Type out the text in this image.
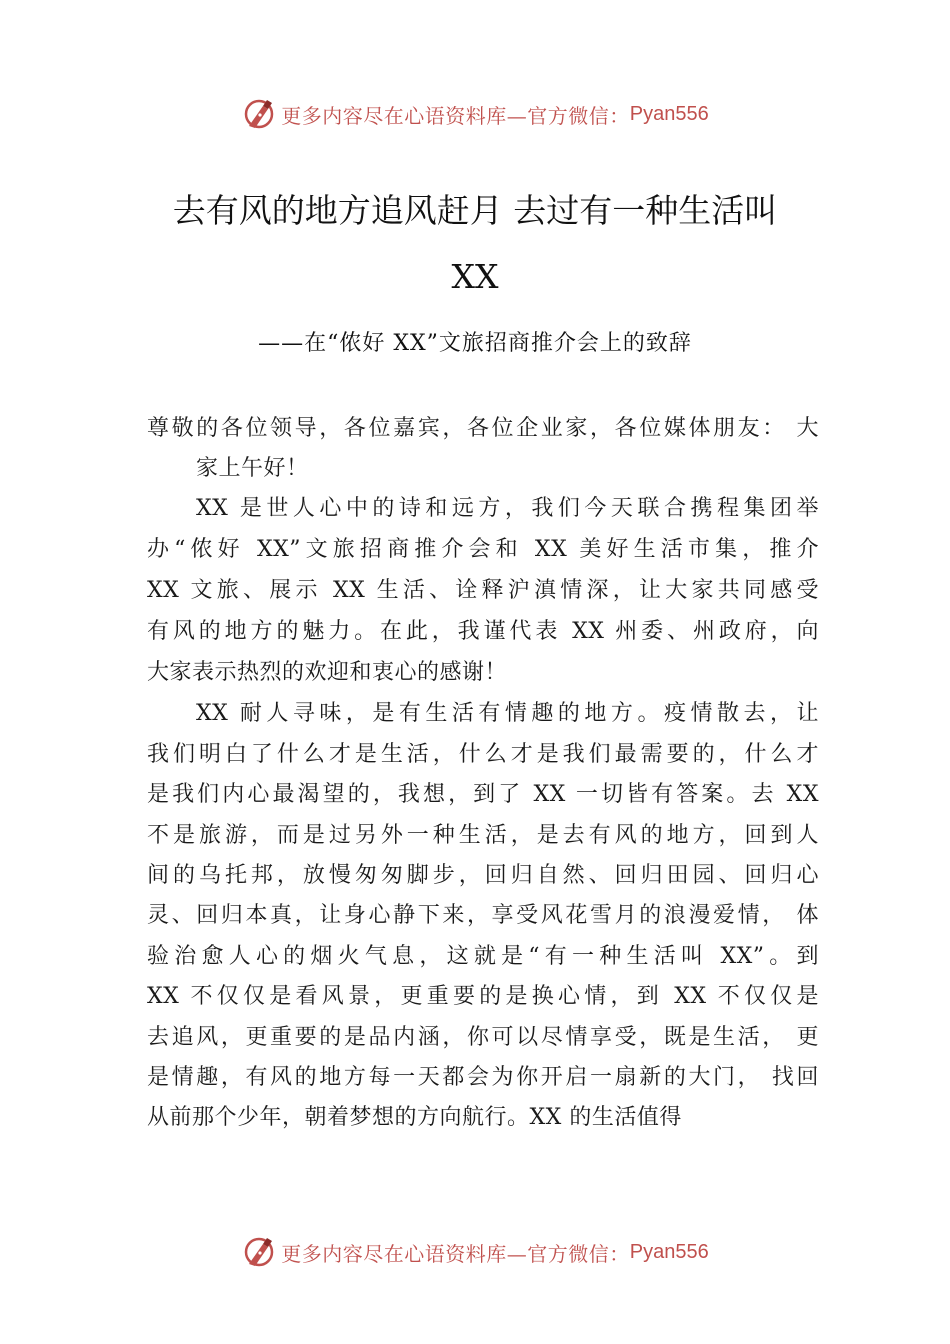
更多内容尽在心语资料库—官方微信： Pyan556
去有风的地方追风赶月 去过有一种生活叫
XX
——在“侬好 XX”文旅招商推介会上的致辞
尊敬的各位领导，各位嘉宾，各位企业家，各位媒体朋友： 大
家上午好！
XX 是世人心中的诗和远方，我们今天联合携程集团举
办“侬好 XX”文旅招商推介会和 XX 美好生活市集，推介
XX 文旅、展示 XX 生活、诠释沪滇情深，让大家共同感受
有风的地方的魅力。在此，我谨代表 XX 州委、州政府，向
大家表示热烈的欢迎和衷心的感谢！
XX 耐人寻味，是有生活有情趣的地方。疫情散去，让
我们明白了什么才是生活，什么才是我们最需要的，什么才
是我们内心最渴望的，我想，到了 XX 一切皆有答案。去 XX
不是旅游，而是过另外一种生活，是去有风的地方，回到人
间的乌托邦，放慢匆匆脚步，回归自然、回归田园、回归心
灵、回归本真，让身心静下来，享受风花雪月的浪漫爱情， 体
验治愈人心的烟火气息，这就是“有一种生活叫 XX”。到
XX 不仅仅是看风景，更重要的是换心情，到 XX 不仅仅是
去追风，更重要的是品内涵，你可以尽情享受，既是生活， 更
是情趣，有风的地方每一天都会为你开启一扇新的大门， 找回
从前那个少年，朝着梦想的方向航行。XX 的生活值得
更多内容尽在心语资料库—官方微信： Pyan556
